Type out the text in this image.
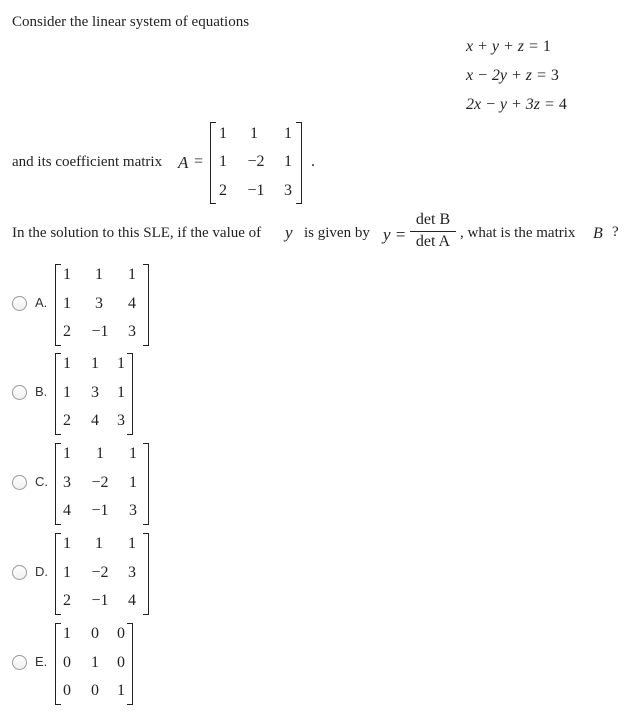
Consider the linear system of equations
x + y + z = 1
x − 2y + z = 3
2x − y + 3z = 4
and its coefficient matrix A =
1 1 1
1 −2 1
2 −1 3
.
In the solution to this SLE, if the value of y is given by y =
det B
det A , what is the matrix B ?
A.
1 1 1
1 3 4
2 −1 3
B.
1 1 1
1 3 1
2 4 3
C.
1 1 1
3 −2 1
4 −1 3
D.
1 1 1
1 −2 3
2 −1 4
E.
1 0 0
0 1 0
0 0 1
